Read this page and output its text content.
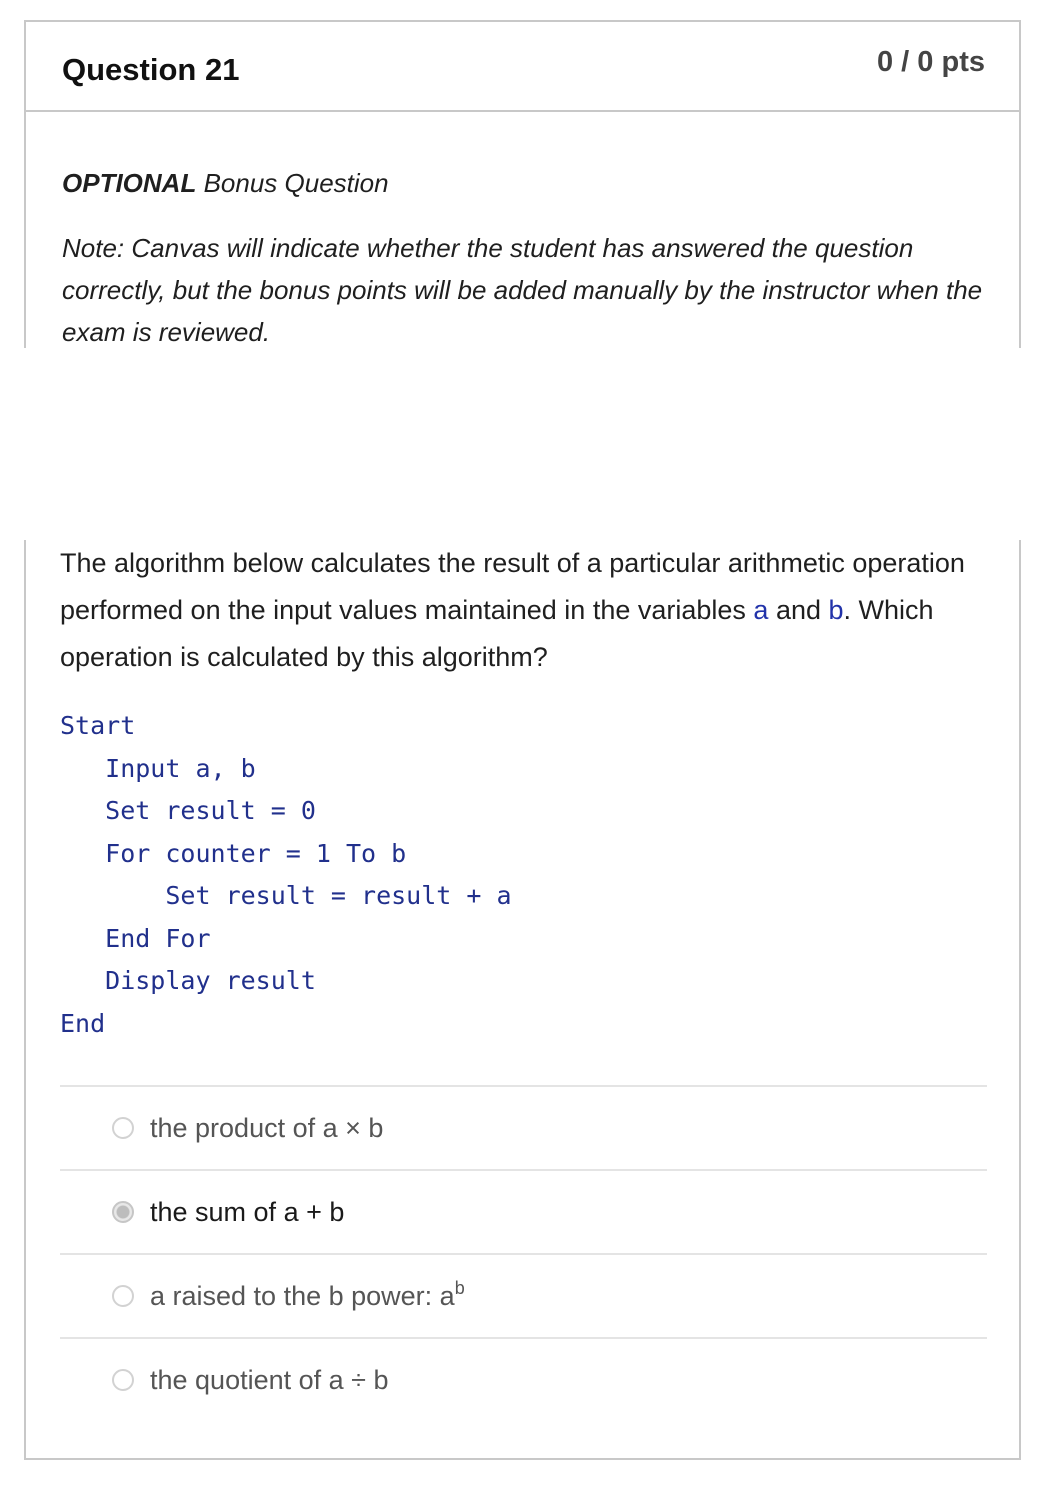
Question 21	0 / 0 pts
OPTIONAL Bonus Question
Note: Canvas will indicate whether the student has answered the question correctly, but the bonus points will be added manually by the instructor when the exam is reviewed.
The algorithm below calculates the result of a particular arithmetic operation performed on the input values maintained in the variables a and b. Which operation is calculated by this algorithm?
Start
Input a, b
Set result = 0
For counter = 1 To b
Set result = result + a
End For
Display result
End
the product of a × b
the sum of a + b
a raised to the b power: $a^b$
the quotient of a ÷ b
